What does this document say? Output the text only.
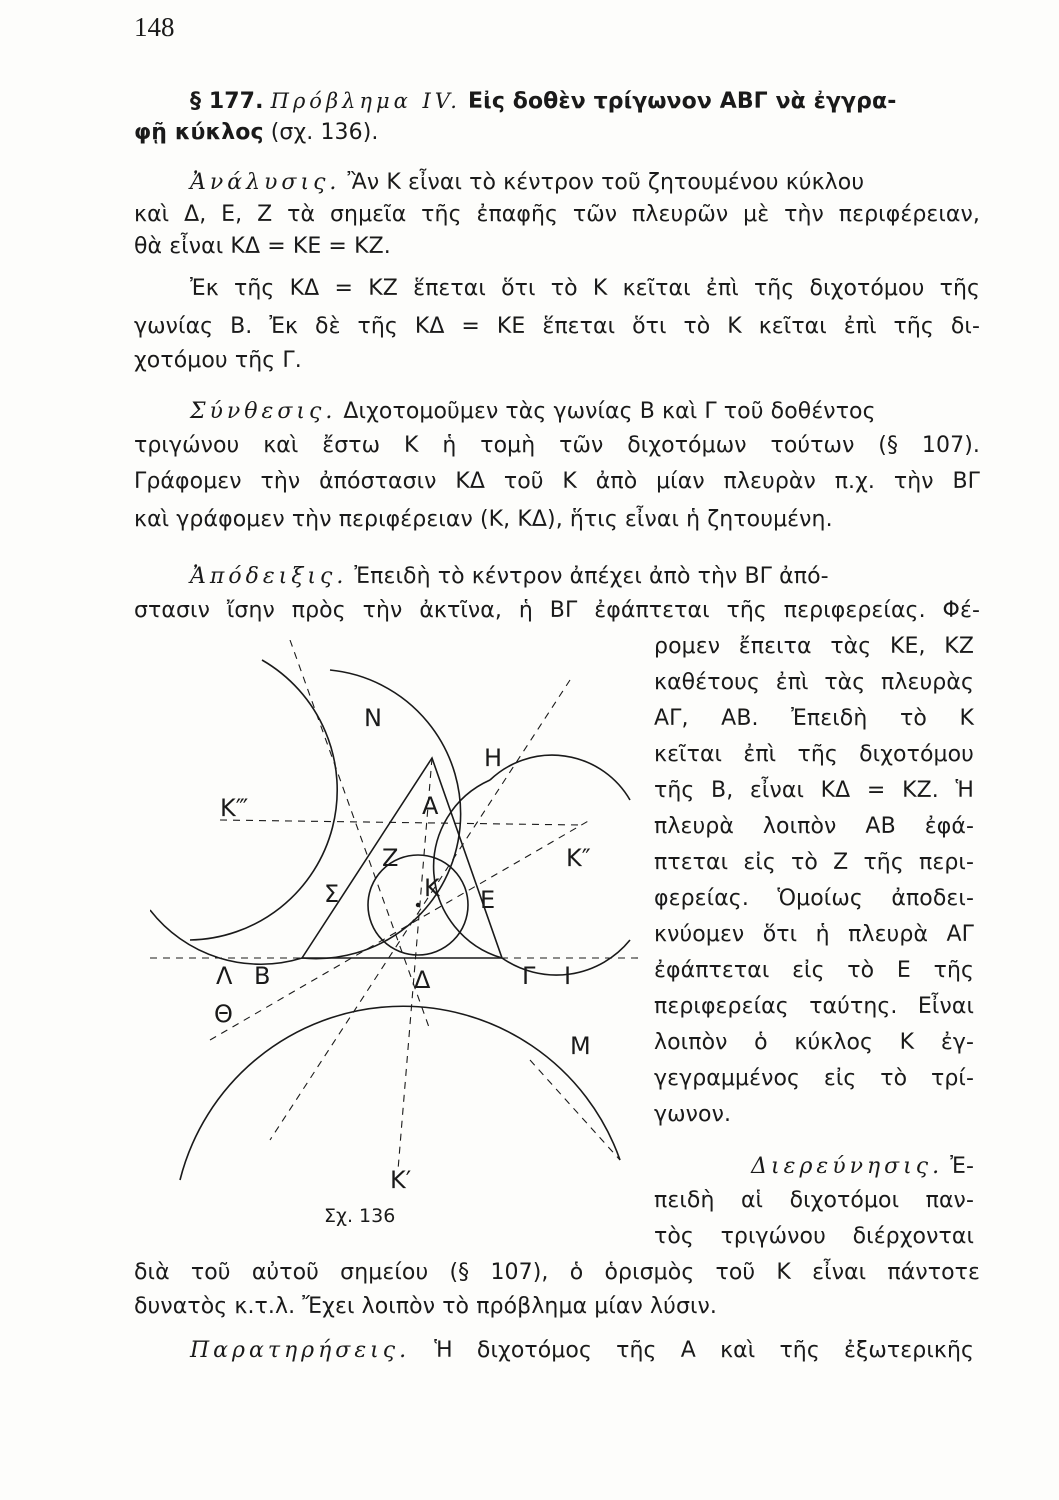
148
§ 177. Πρόβλημα IV. Εἰς δοθὲν τρίγωνον ΑΒΓ νὰ ἐγγρα-
φῇ κύκλος (σχ. 136).
Ἀνάλυσις. Ἂν Κ εἶναι τὸ κέντρον τοῦ ζητουμένου κύκλου
καὶ Δ, Ε, Ζ τὰ σημεῖα τῆς ἐπαφῆς τῶν πλευρῶν μὲ τὴν περιφέρειαν,
θὰ εἶναι ΚΔ = ΚΕ = ΚΖ.
Ἐκ τῆς ΚΔ = ΚΖ ἕπεται ὅτι τὸ Κ κεῖται ἐπὶ τῆς διχοτόμου τῆς
γωνίας Β. Ἐκ δὲ τῆς ΚΔ = ΚΕ ἕπεται ὅτι τὸ Κ κεῖται ἐπὶ τῆς δι-
χοτόμου τῆς Γ.
Σύνθεσις. Διχοτομοῦμεν τὰς γωνίας Β καὶ Γ τοῦ δοθέντος
τριγώνου καὶ ἔστω Κ ἡ τομὴ τῶν διχοτόμων τούτων (§ 107).
Γράφομεν τὴν ἀπόστασιν ΚΔ τοῦ Κ ἀπὸ μίαν πλευρὰν π.χ. τὴν ΒΓ
καὶ γράφομεν τὴν περιφέρειαν (Κ, ΚΔ), ἥτις εἶναι ἡ ζητουμένη.
Ἀπόδειξις. Ἐπειδὴ τὸ κέντρον ἀπέχει ἀπὸ τὴν ΒΓ ἀπό-
στασιν ἴσην πρὸς τὴν ἀκτῖνα, ἡ ΒΓ ἐφάπτεται τῆς περιφερείας. Φέ-
ρομεν ἔπειτα τὰς ΚΕ, ΚΖ
καθέτους ἐπὶ τὰς πλευρὰς
ΑΓ, ΑΒ. Ἐπειδὴ τὸ Κ
κεῖται ἐπὶ τῆς διχοτόμου
τῆς Β, εἶναι ΚΔ = ΚΖ. Ἡ
πλευρὰ λοιπὸν ΑΒ ἐφά-
πτεται εἰς τὸ Ζ τῆς περι-
φερείας. Ὁμοίως ἀποδει-
κνύομεν ὅτι ἡ πλευρὰ ΑΓ
ἐφάπτεται εἰς τὸ Ε τῆς
περιφερείας ταύτης. Εἶναι
λοιπὸν ὁ κύκλος Κ ἐγ-
γεγραμμένος εἰς τὸ τρί-
γωνον.
Διερεύνησις. Ἐ-
πειδὴ αἱ διχοτόμοι παν-
τὸς τριγώνου διέρχονται
διὰ τοῦ αὐτοῦ σημείου (§ 107), ὁ ὁρισμὸς τοῦ Κ εἶναι πάντοτε
δυνατὸς κ.τ.λ. Ἔχει λοιπὸν τὸ πρόβλημα μίαν λύσιν.
Παρατηρήσεις. Ἡ διχοτόμος τῆς Α καὶ τῆς ἐξωτερικῆς
Ν
Η
Κ‴	Α
Ζ	Κ″
Σ	Κ Ε
Λ Β	Δ	Γ Ι
Θ
Μ
Κ′
Σχ. 136
